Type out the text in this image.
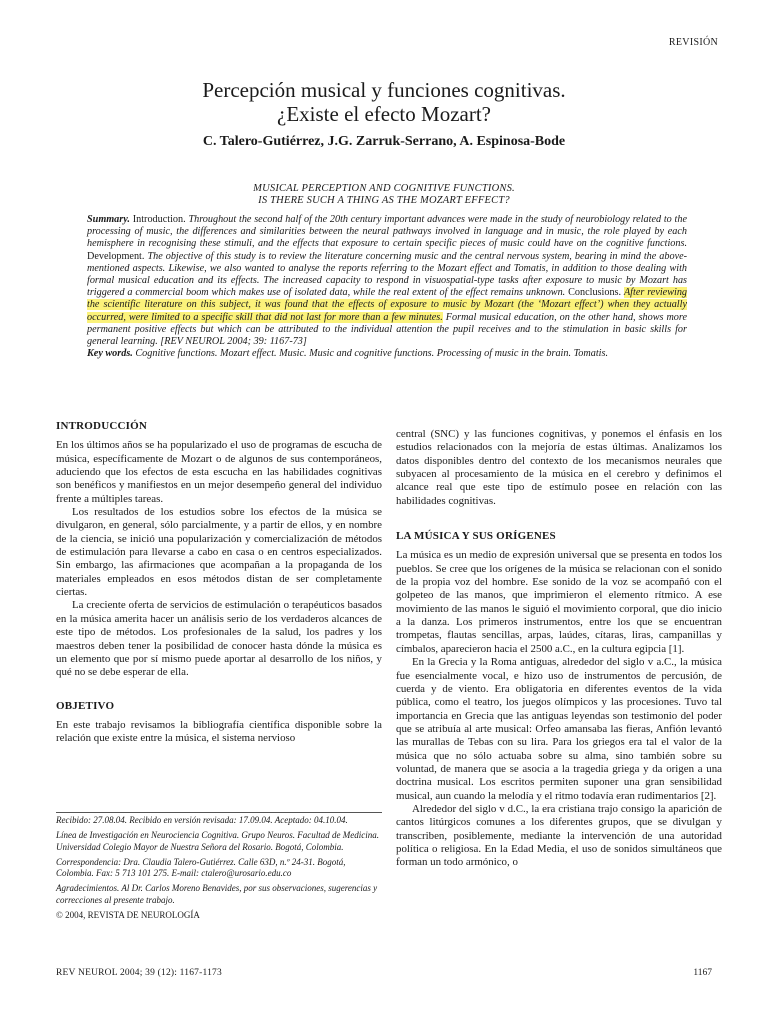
REVISIÓN
Percepción musical y funciones cognitivas.
¿Existe el efecto Mozart?
C. Talero-Gutiérrez, J.G. Zarruk-Serrano, A. Espinosa-Bode
MUSICAL PERCEPTION AND COGNITIVE FUNCTIONS.
IS THERE SUCH A THING AS THE MOZART EFFECT?
Summary. Introduction. Throughout the second half of the 20th century important advances were made in the study of neurobiology related to the processing of music, the differences and similarities between the neural pathways involved in language and in music, the role played by each hemisphere in recognising these stimuli, and the effects that exposure to certain specific pieces of music could have on the cognitive functions. Development. The objective of this study is to review the literature concerning music and the central nervous system, bearing in mind the above-mentioned aspects. Likewise, we also wanted to analyse the reports referring to the Mozart effect and Tomatis, in addition to those dealing with formal musical education and its effects. The increased capacity to respond in visuospatial-type tasks after exposure to music by Mozart has triggered a commercial boom which makes use of isolated data, while the real extent of the effect remains unknown. Conclusions. After reviewing the scientific literature on this subject, it was found that the effects of exposure to music by Mozart (the ‘Mozart effect’) when they actually occurred, were limited to a specific skill that did not last for more than a few minutes. Formal musical education, on the other hand, shows more permanent positive effects but which can be attributed to the individual attention the pupil receives and to the stimulation in basic skills for general learning. [REV NEUROL 2004; 39: 1167-73]
Key words. Cognitive functions. Mozart effect. Music. Music and cognitive functions. Processing of music in the brain. Tomatis.
INTRODUCCIÓN

En los últimos años se ha popularizado el uso de programas de escucha de música, específicamente de Mozart o de algunos de sus contemporáneos, aduciendo que los efectos de esta escucha en las habilidades cognitivas son benéficos y manifiestos en un mejor desempeño general del individuo frente a múltiples tareas.

Los resultados de los estudios sobre los efectos de la música se divulgaron, en general, sólo parcialmente, y a partir de ellos, y en nombre de la ciencia, se inició una popularización y comercialización de métodos de estimulación para llevarse a cabo en casa o en centros especializados. Sin embargo, las afirmaciones que acompañan a la propaganda de los materiales empleados en esos métodos distan de ser completamente ciertas.

La creciente oferta de servicios de estimulación o terapéuticos basados en la música amerita hacer un análisis serio de los verdaderos alcances de este tipo de métodos. Los profesionales de la salud, los padres y los maestros deben tener la posibilidad de conocer hasta dónde la música es un elemento que por sí mismo puede aportar al desarrollo de los niños, y qué no se debe esperar de ella.

OBJETIVO

En este trabajo revisamos la bibliografía científica disponible sobre la relación que existe entre la música, el sistema nervioso

Recibido: 27.08.04. Recibido en versión revisada: 17.09.04. Aceptado: 04.10.04.

Línea de Investigación en Neurociencia Cognitiva. Grupo Neuros. Facultad de Medicina. Universidad Colegio Mayor de Nuestra Señora del Rosario. Bogotá, Colombia.

Correspondencia: Dra. Claudia Talero-Gutiérrez. Calle 63D, n.º 24-31. Bogotá, Colombia. Fax: 5 713 101 275. E-mail: ctalero@urosario.edu.co

Agradecimientos. Al Dr. Carlos Moreno Benavides, por sus observaciones, sugerencias y correcciones al presente trabajo.

© 2004, REVISTA DE NEUROLOGÍA

central (SNC) y las funciones cognitivas, y ponemos el énfasis en los estudios relacionados con la mejoría de estas últimas. Analizamos los datos disponibles dentro del contexto de los mecanismos neurales que subyacen al procesamiento de la música en el cerebro y definimos el alcance real que este tipo de estímulo posee en relación con las habilidades cognitivas.

LA MÚSICA Y SUS ORÍGENES

La música es un medio de expresión universal que se presenta en todos los pueblos. Se cree que los orígenes de la música se relacionan con el sonido de la propia voz del hombre. Ese sonido de la voz se acompañó con el golpeteo de las manos, que imprimieron el elemento rítmico. A ese movimiento de las manos le siguió el movimiento corporal, que dio inicio a la danza. Los primeros instrumentos, entre los que se encuentran trompetas, flautas sencillas, arpas, laúdes, cítaras, liras, campanillas y címbalos, aparecieron hacia el 2500 a.C., en la cultura egipcia [1].

En la Grecia y la Roma antiguas, alrededor del siglo v a.C., la música fue esencialmente vocal, e hizo uso de instrumentos de percusión, de cuerda y de viento. Era obligatoria en diferentes eventos de la vida pública, como el teatro, los juegos olímpicos y las procesiones. Tuvo tal importancia en Grecia que las antiguas leyendas son testimonio del poder que se atribuía al arte musical: Orfeo amansaba las fieras, Anfión levantó las murallas de Tebas con su lira. Para los griegos era tal el valor de la música que no sólo actuaba sobre su alma, sino también sobre su voluntad, de manera que se asocia a la tragedia griega y da origen a una doctrina musical. Los escritos permiten suponer una gran sensibilidad musical, aun cuando la melodía y el ritmo todavía eran rudimentarios [2].

Alrededor del siglo v d.C., la era cristiana trajo consigo la aparición de cantos litúrgicos comunes a los diferentes grupos, que se divulgan y transcriben, posiblemente, mediante la intervención de una autoridad política o religiosa. En la Edad Media, el uso de sonidos simultáneos que forman un todo armónico, o

REV NEUROL 2004; 39 (12): 1167-1173	1167
